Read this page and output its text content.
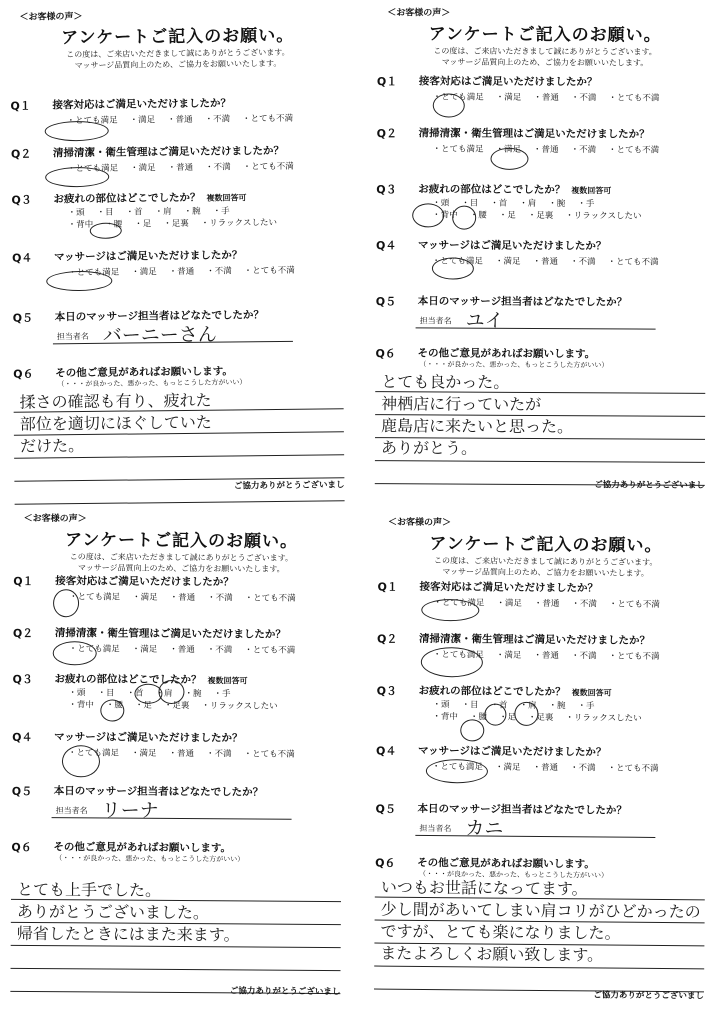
＜お客様の声＞
アンケートご記入のお願い。
この度は、ご来店いただきまして誠にありがとうございます。
マッサージ品質向上のため、ご協力をお願いいたします。
Q１ 接客対応はご満足いただけましたか？
・とても満足 ・満足 ・普通 ・不満 ・とても不満
Q２ 清掃清潔・衛生管理はご満足いただけましたか？
・とても満足 ・満足 ・普通 ・不満 ・とても不満
Q３ お疲れの部位はどこでしたか？ 複数回答可
・頭 ・目 ・首 ・肩 ・腕 ・手
・背中 ・腰 ・足 ・足裏 ・リラックスしたい
Q４ マッサージはご満足いただけましたか？
・とても満足 ・満足 ・普通 ・不満 ・とても不満
Q５ 本日のマッサージ担当者はどなたでしたか？
担当者名 バーニーさん
Q６ その他ご意見があればお願いします。
（・・・が良かった、悪かった、もっとこうした方がいい）
揉さの確認も有り、疲れた
部位を適切にほぐしていた
だけた。
ご協力ありがとうございまし
＜お客様の声＞
アンケートご記入のお願い。
この度は、ご来店いただきまして誠にありがとうございます。
マッサージ品質向上のため、ご協力をお願いいたします。
Q１ 接客対応はご満足いただけましたか？
・とても満足 ・満足 ・普通 ・不満 ・とても不満
Q２ 清掃清潔・衛生管理はご満足いただけましたか？
・とても満足 ・満足 ・普通 ・不満 ・とても不満
Q３ お疲れの部位はどこでしたか？ 複数回答可
・頭 ・目 ・首 ・肩 ・腕 ・手
・背中 ・腰 ・足 ・足裏 ・リラックスしたい
Q４ マッサージはご満足いただけましたか？
・とても満足 ・満足 ・普通 ・不満 ・とても不満
Q５ 本日のマッサージ担当者はどなたでしたか？
担当者名 ユイ
Q６ その他ご意見があればお願いします。
（・・・が良かった、悪かった、もっとこうした方がいい）
とても良かった。
神栖店に行っていたが
鹿島店に来たいと思った。
ありがとう。
ご協力ありがとうございまし
＜お客様の声＞
アンケートご記入のお願い。
この度は、ご来店いただきまして誠にありがとうございます。
マッサージ品質向上のため、ご協力をお願いいたします。
Q１ 接客対応はご満足いただけましたか？
・とても満足 ・満足 ・普通 ・不満 ・とても不満
Q２ 清掃清潔・衛生管理はご満足いただけましたか？
・とても満足 ・満足 ・普通 ・不満 ・とても不満
Q３ お疲れの部位はどこでしたか？ 複数回答可
・頭 ・目 ・首 ・肩 ・腕 ・手
・背中 ・腰 ・足 ・足裏 ・リラックスしたい
Q４ マッサージはご満足いただけましたか？
・とても満足 ・満足 ・普通 ・不満 ・とても不満
Q５ 本日のマッサージ担当者はどなたでしたか？
担当者名 リーナ
Q６ その他ご意見があればお願いします。
（・・・が良かった、悪かった、もっとこうした方がいい）
とても上手でした。
ありがとうございました。
帰省したときにはまた来ます。
ご協力ありがとうございまし
＜お客様の声＞
アンケートご記入のお願い。
この度は、ご来店いただきまして誠にありがとうございます。
マッサージ品質向上のため、ご協力をお願いいたします。
Q１ 接客対応はご満足いただけましたか？
・とても満足 ・満足 ・普通 ・不満 ・とても不満
Q２ 清掃清潔・衛生管理はご満足いただけましたか？
・とても満足 ・満足 ・普通 ・不満 ・とても不満
Q３ お疲れの部位はどこでしたか？ 複数回答可
・頭 ・目 ・首 ・肩 ・腕 ・手
・背中 ・腰 ・足 ・足裏 ・リラックスしたい
Q４ マッサージはご満足いただけましたか？
・とても満足 ・満足 ・普通 ・不満 ・とても不満
Q５ 本日のマッサージ担当者はどなたでしたか？
担当者名 カニ
Q６ その他ご意見があればお願いします。
（・・・が良かった、悪かった、もっとこうした方がいい）
いつもお世話になってます。
少し間があいてしまい肩コリがひどかったの
ですが、とても楽になりました。
またよろしくお願い致します。
ご協力ありがとうございまし
